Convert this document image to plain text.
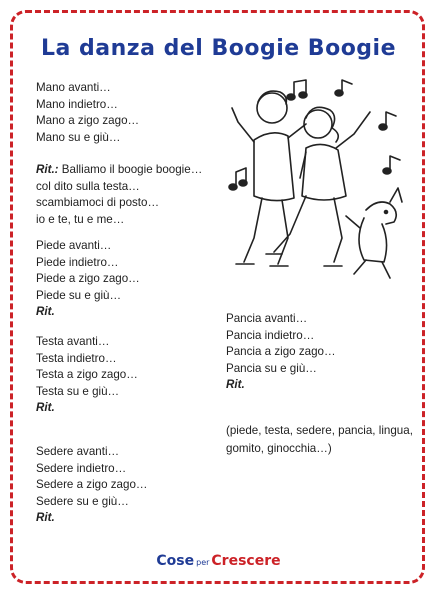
La danza del Boogie Boogie
Mano avanti…
Mano indietro…
Mano a zigo zago…
Mano su e giù…
Rit.: Balliamo il boogie boogie…
col dito sulla testa…
scambiamoci di posto…
io e te, tu e me…
Piede avanti…
Piede indietro…
Piede a zigo zago…
Piede su e giù…
Rit.
Testa avanti…
Testa indietro…
Testa a zigo zago…
Testa su e giù…
Rit.
Sedere avanti…
Sedere indietro…
Sedere a zigo zago…
Sedere su e giù…
Rit.
Pancia avanti…
Pancia indietro…
Pancia a zigo zago…
Pancia su e giù…
Rit.
(piede, testa, sedere, pancia, lingua, gomito, ginocchia…)
Cose per Crescere
